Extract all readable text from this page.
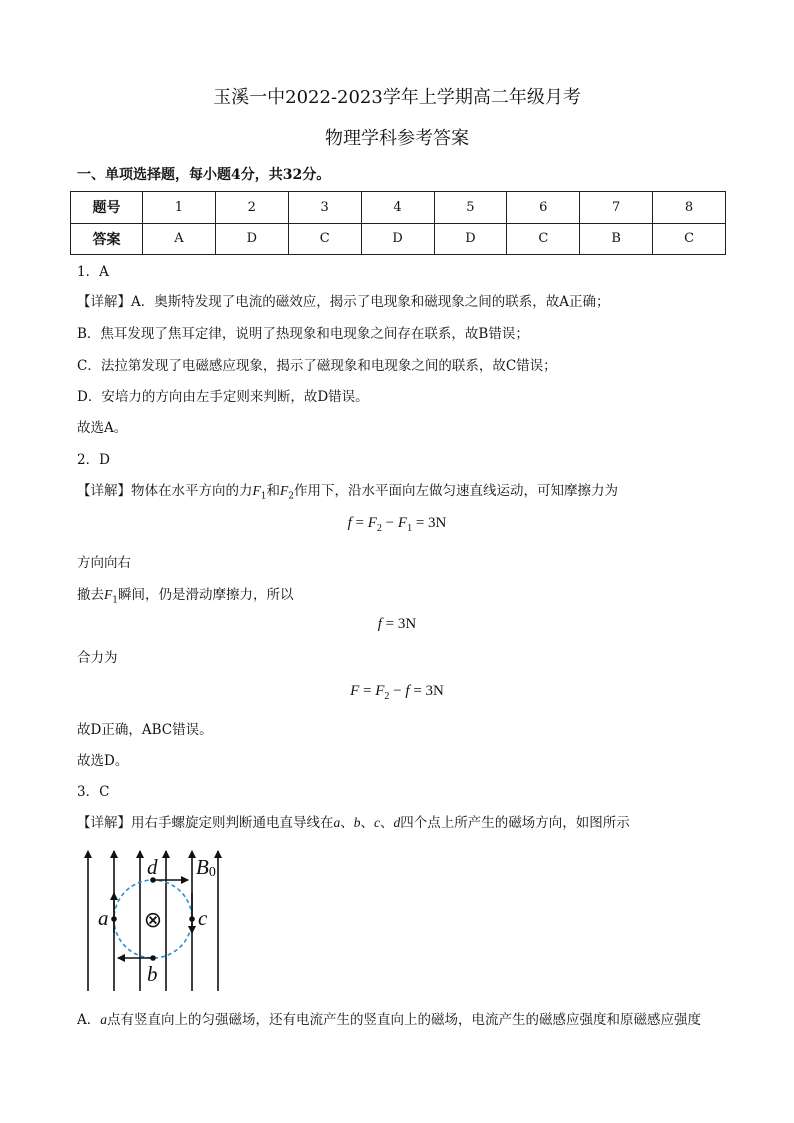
玉溪一中2022-2023学年上学期高二年级月考
物理学科参考答案
一、单项选择题，每小题4分，共32分。
题号	1	2	3	4	5	6	7	8
答案	A	D	C	D	D	C	B	C
1．A
【详解】A．奥斯特发现了电流的磁效应，揭示了电现象和磁现象之间的联系，故A正确；
B．焦耳发现了焦耳定律，说明了热现象和电现象之间存在联系，故B错误；
C．法拉第发现了电磁感应现象，揭示了磁现象和电现象之间的联系，故C错误；
D．安培力的方向由左手定则来判断，故D错误。
故选A。
2．D
【详解】物体在水平方向的力$F_1$和$F_2$作用下，沿水平面向左做匀速直线运动，可知摩擦力为
$f = F_2 - F_1 = 3N$
方向向右
撤去$F_1$瞬间，仍是滑动摩擦力，所以
f = 3N
合力为
$F = F_2 - f = 3N$
故D正确，ABC错误。
故选D。
3．C
【详解】用右手螺旋定则判断通电直导线在a、b、c、d四个点上所产生的磁场方向，如图所示
⊗
d
b
a	c
B0
A．a点有竖直向上的匀强磁场，还有电流产生的竖直向上的磁场，电流产生的磁感应强度和原磁感应强度
